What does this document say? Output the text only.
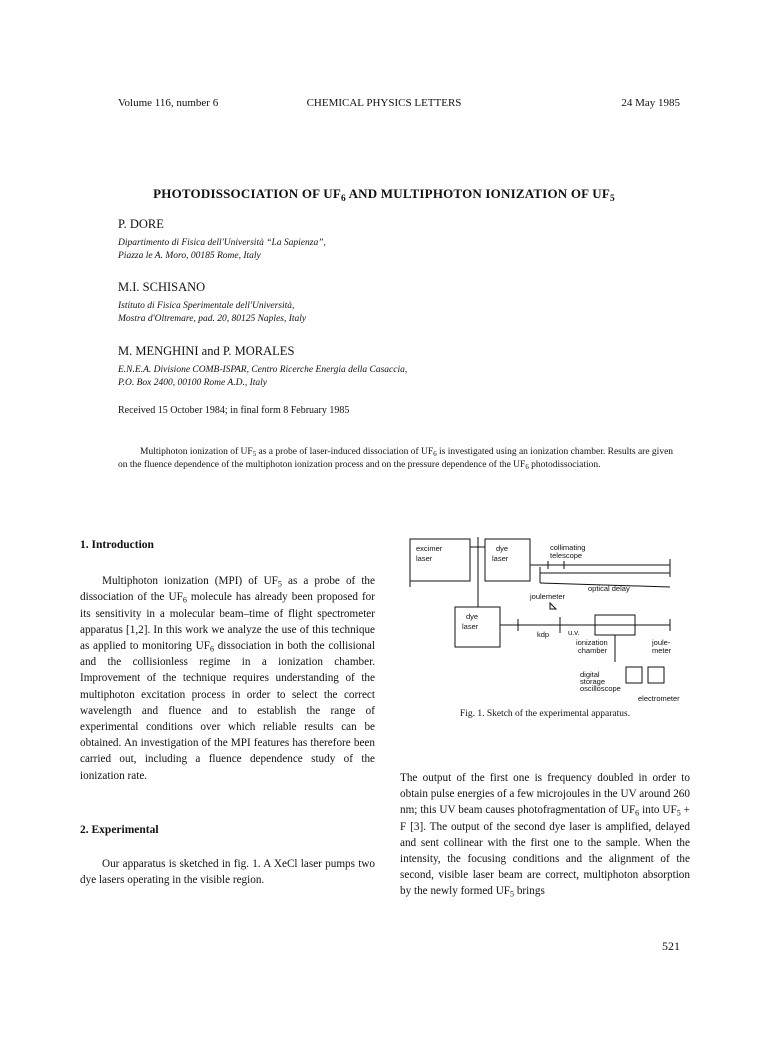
Volume 116, number 6	CHEMICAL PHYSICS LETTERS	24 May 1985
PHOTODISSOCIATION OF $UF_6$ AND MULTIPHOTON IONIZATION OF $UF_5$
P. DORE
Dipartimento di Fisica dell'Università “La Sapienza”,
Piazza le A. Moro, 00185 Rome, Italy
M.I. SCHISANO
Istituto di Fisica Sperimentale dell'Università,
Mostra d'Oltremare, pad. 20, 80125 Naples, Italy
M. MENGHINI and P. MORALES
E.N.E.A. Divisione COMB-ISPAR, Centro Ricerche Energia della Casaccia,
P.O. Box 2400, 00100 Rome A.D., Italy
Received 15 October 1984; in final form 8 February 1985

Multiphoton ionization of $UF_5$ as a probe of laser-induced dissociation of $UF_6$ is investigated using an ionization chamber. Results are given on the fluence dependence of the multiphoton ionization process and on the pressure dependence of the $UF_6$ photodissociation.

1. Introduction

Multiphoton ionization (MPI) of $UF_5$ as a probe of the dissociation of the $UF_6$ molecule has already been proposed for its sensitivity in a molecular beam–time of flight spectrometer apparatus [1,2]. In this work we analyze the use of this technique as applied to monitoring $UF_6$ dissociation in both the collisional and the collisionless regime in a ionization chamber. Improvement of the technique requires understanding of the multiphoton excitation process in order to select the correct wavelength and fluence and to establish the range of experimental conditions over which reliable results can be obtained. An investigation of the MPI features has therefore been carried out, including a fluence dependence study of the ionization rate.

2. Experimental

Our apparatus is sketched in fig. 1. A XeCl laser pumps two dye lasers operating in the visible region.

excimer
laser
dye
laser
collimating
telescope
optical delay
joulemeter
dye
laser
kdp	u.v.
ionization
chamber
joule-
meter
digital
storage
oscilloscope
electrometer
Fig. 1. Sketch of the experimental apparatus.

The output of the first one is frequency doubled in order to obtain pulse energies of a few microjoules in the UV around 260 nm; this UV beam causes photofragmentation of $UF_6$ into $UF_5 + F$ [3]. The output of the second dye laser is amplified, delayed and sent collinear with the first one to the sample. When the intensity, the focusing conditions and the alignment of the second, visible laser beam are correct, multiphoton absorption by the newly formed $UF_5$ brings

521
